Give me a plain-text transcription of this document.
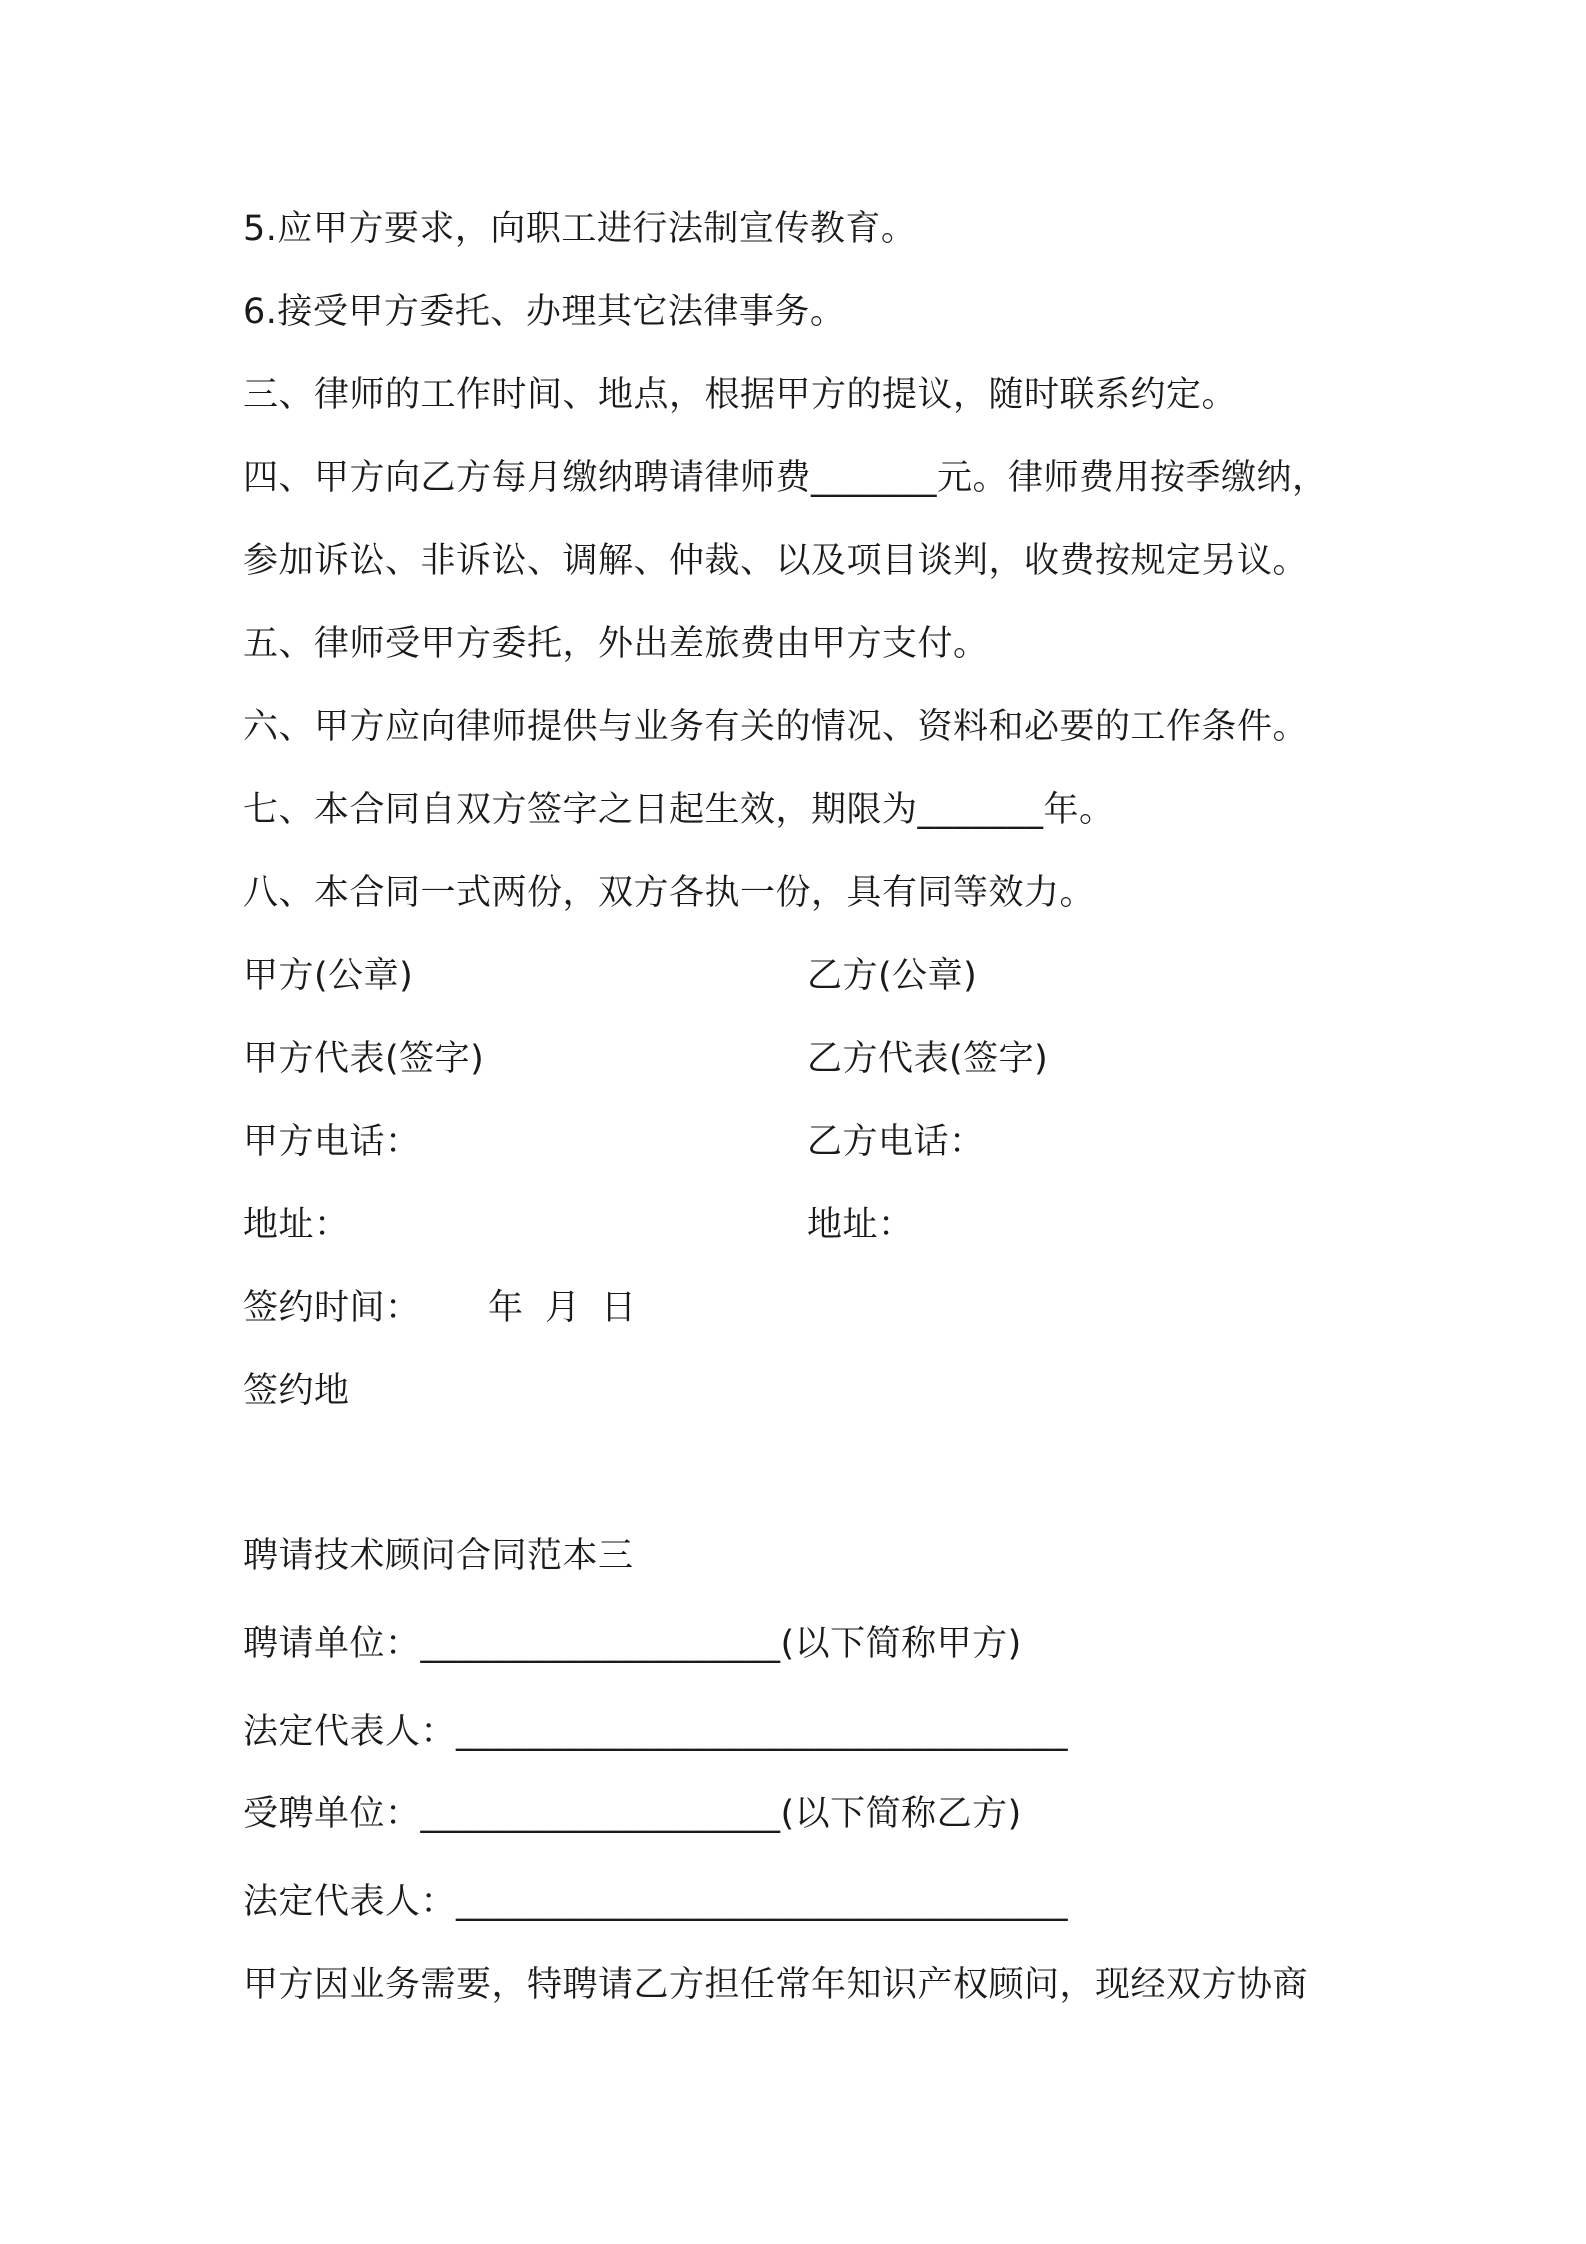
5.应甲方要求，向职工进行法制宣传教育。
6.接受甲方委托、办理其它法律事务。
三、律师的工作时间、地点，根据甲方的提议，随时联系约定。
四、甲方向乙方每月缴纳聘请律师费_______元。律师费用按季缴纳，
参加诉讼、非诉讼、调解、仲裁、以及项目谈判，收费按规定另议。
五、律师受甲方委托，外出差旅费由甲方支付。
六、甲方应向律师提供与业务有关的情况、资料和必要的工作条件。
七、本合同自双方签字之日起生效，期限为_______年。
八、本合同一式两份，双方各执一份，具有同等效力。
甲方(公章)	乙方(公章)
甲方代表(签字)	乙方代表(签字)
甲方电话：	乙方电话：
地址：	地址：
签约时间： 年 月 日
签约地
聘请技术顾问合同范本三
聘请单位：____________________(以下简称甲方)
法定代表人：__________________________________
受聘单位：____________________(以下简称乙方)
法定代表人：__________________________________
甲方因业务需要，特聘请乙方担任常年知识产权顾问，现经双方协商
